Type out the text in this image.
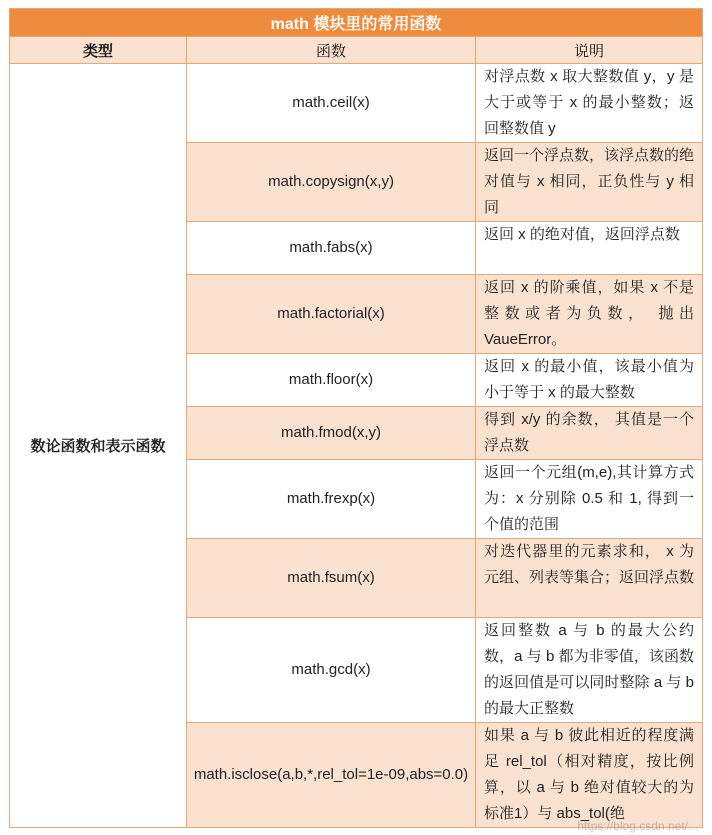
math 模块里的常用函数		
类型	函数	说明
数论函数和表示函数	math.ceil(x)	对浮点数 x 取大整数值 y，y 是大于或等于 x 的最小整数；返回整数值 y
	math.copysign(x,y)	返回一个浮点数，该浮点数的绝对值与 x 相同，正负性与 y 相同
	math.fabs(x)	返回 x 的绝对值，返回浮点数
	math.factorial(x)	返回 x 的阶乘值，如果 x 不是整数或者为负数， 抛出 VaueError。
	math.floor(x)	返回 x 的最小值，该最小值为小于等于 x 的最大整数
	math.fmod(x,y)	得到 x/y 的余数， 其值是一个浮点数
	math.frexp(x)	返回一个元组(m,e),其计算方式为：x 分别除 0.5 和 1, 得到一个值的范围
	math.fsum(x)	对迭代器里的元素求和， x 为元组、列表等集合；返回浮点数
	math.gcd(x)	返回整数 a 与 b 的最大公约数，a 与 b 都为非零值，该函数的返回值是可以同时整除 a 与 b 的最大正整数
	math.isclose(a,b,*,rel_tol=1e-09,abs=0.0)	如果 a 与 b 彼此相近的程度满足 rel_tol（相对精度，按比例算，以 a 与 b 绝对值较大的为标准1）与 abs_tol(绝
https://blog.csdn.net/...
